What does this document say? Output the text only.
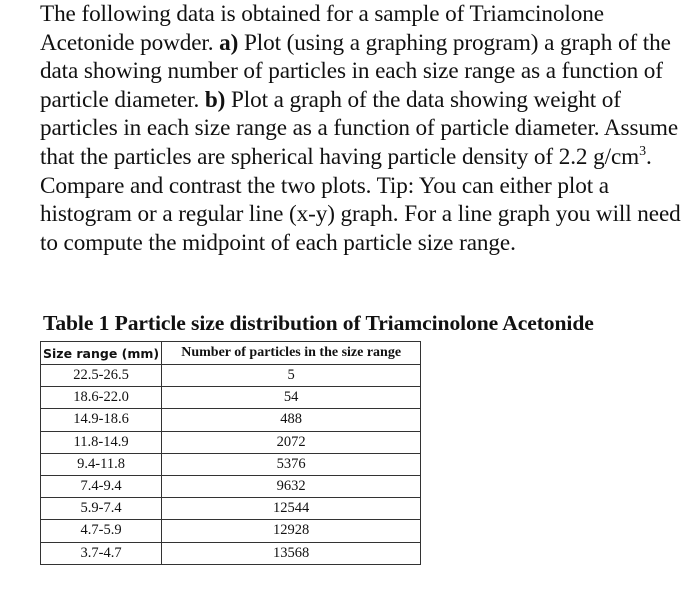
The following data is obtained for a sample of Triamcinolone Acetonide powder. a) Plot (using a graphing program) a graph of the data showing number of particles in each size range as a function of particle diameter. b) Plot a graph of the data showing weight of particles in each size range as a function of particle diameter. Assume that the particles are spherical having particle density of 2.2 $g/cm^3$. Compare and contrast the two plots. Tip: You can either plot a histogram or a regular line (x-y) graph. For a line graph you will need to compute the midpoint of each particle size range.
Table 1 Particle size distribution of Triamcinolone Acetonide
Size range (mm)	Number of particles in the size range
22.5-26.5	5
18.6-22.0	54
14.9-18.6	488
11.8-14.9	2072
9.4-11.8	5376
7.4-9.4	9632
5.9-7.4	12544
4.7-5.9	12928
3.7-4.7	13568
